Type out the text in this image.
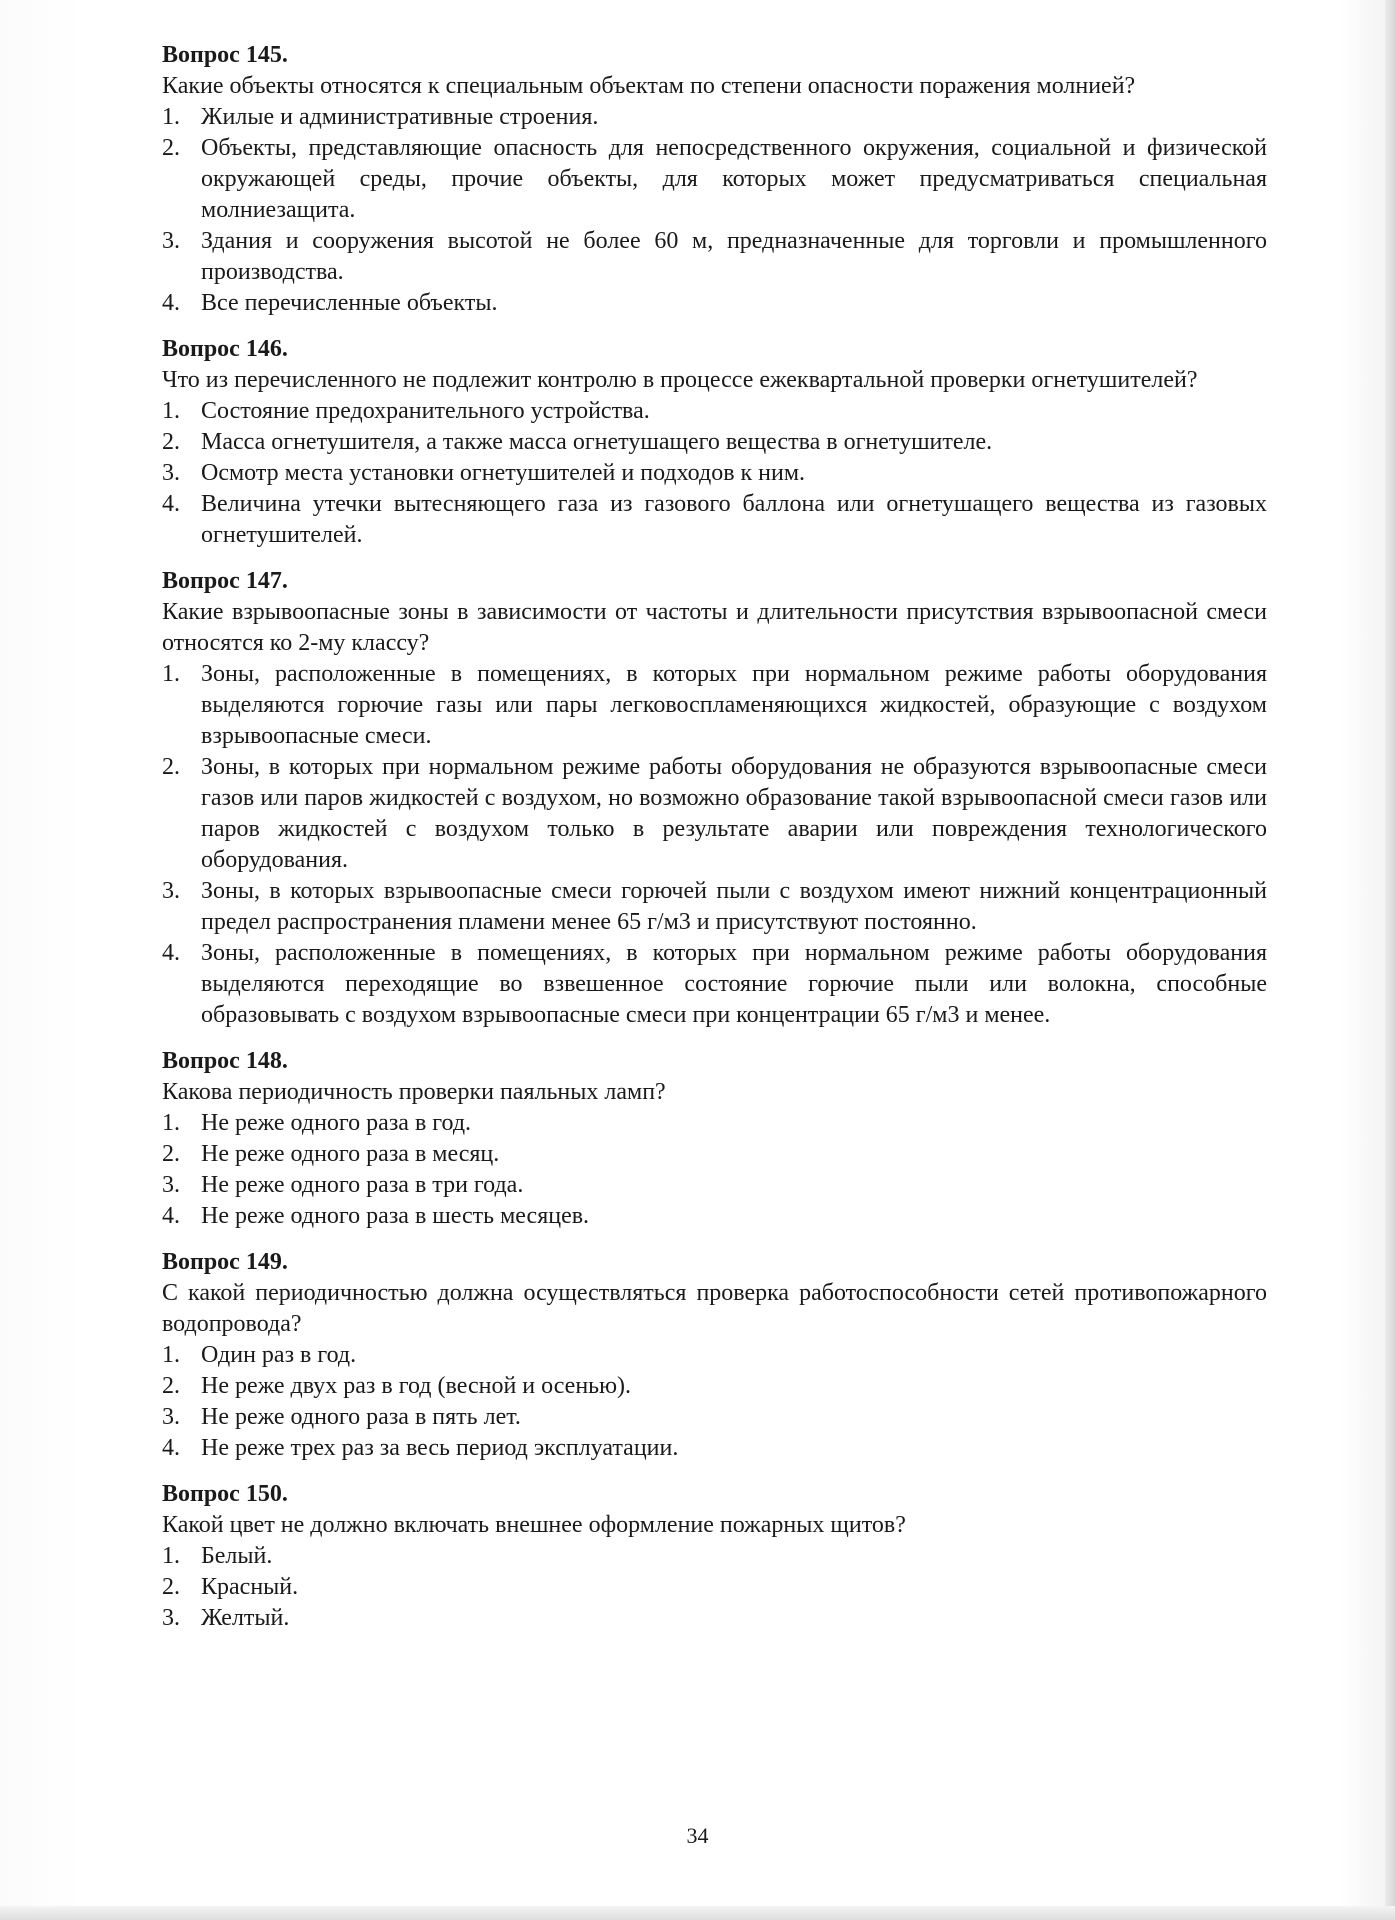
Вопрос 145.
Какие объекты относятся к специальным объектам по степени опасности поражения молнией?
1. Жилые и административные строения.
2. Объекты, представляющие опасность для непосредственного окружения, социальной и физической окружающей среды, прочие объекты, для которых может предусматриваться специальная молниезащита.
3. Здания и сооружения высотой не более 60 м, предназначенные для торговли и промышленного производства.
4. Все перечисленные объекты.
Вопрос 146.
Что из перечисленного не подлежит контролю в процессе ежеквартальной проверки огнетушителей?
1. Состояние предохранительного устройства.
2. Масса огнетушителя, а также масса огнетушащего вещества в огнетушителе.
3. Осмотр места установки огнетушителей и подходов к ним.
4. Величина утечки вытесняющего газа из газового баллона или огнетушащего вещества из газовых огнетушителей.
Вопрос 147.
Какие взрывоопасные зоны в зависимости от частоты и длительности присутствия взрывоопасной смеси относятся ко 2-му классу?
1. Зоны, расположенные в помещениях, в которых при нормальном режиме работы оборудования выделяются горючие газы или пары легковоспламеняющихся жидкостей, образующие с воздухом взрывоопасные смеси.
2. Зоны, в которых при нормальном режиме работы оборудования не образуются взрывоопасные смеси газов или паров жидкостей с воздухом, но возможно образование такой взрывоопасной смеси газов или паров жидкостей с воздухом только в результате аварии или повреждения технологического оборудования.
3. Зоны, в которых взрывоопасные смеси горючей пыли с воздухом имеют нижний концентрационный предел распространения пламени менее 65 г/м3 и присутствуют постоянно.
4. Зоны, расположенные в помещениях, в которых при нормальном режиме работы оборудования выделяются переходящие во взвешенное состояние горючие пыли или волокна, способные образовывать с воздухом взрывоопасные смеси при концентрации 65 г/м3 и менее.
Вопрос 148.
Какова периодичность проверки паяльных ламп?
1. Не реже одного раза в год.
2. Не реже одного раза в месяц.
3. Не реже одного раза в три года.
4. Не реже одного раза в шесть месяцев.
Вопрос 149.
С какой периодичностью должна осуществляться проверка работоспособности сетей противопожарного водопровода?
1. Один раз в год.
2. Не реже двух раз в год (весной и осенью).
3. Не реже одного раза в пять лет.
4. Не реже трех раз за весь период эксплуатации.
Вопрос 150.
Какой цвет не должно включать внешнее оформление пожарных щитов?
1. Белый.
2. Красный.
3. Желтый.
34
